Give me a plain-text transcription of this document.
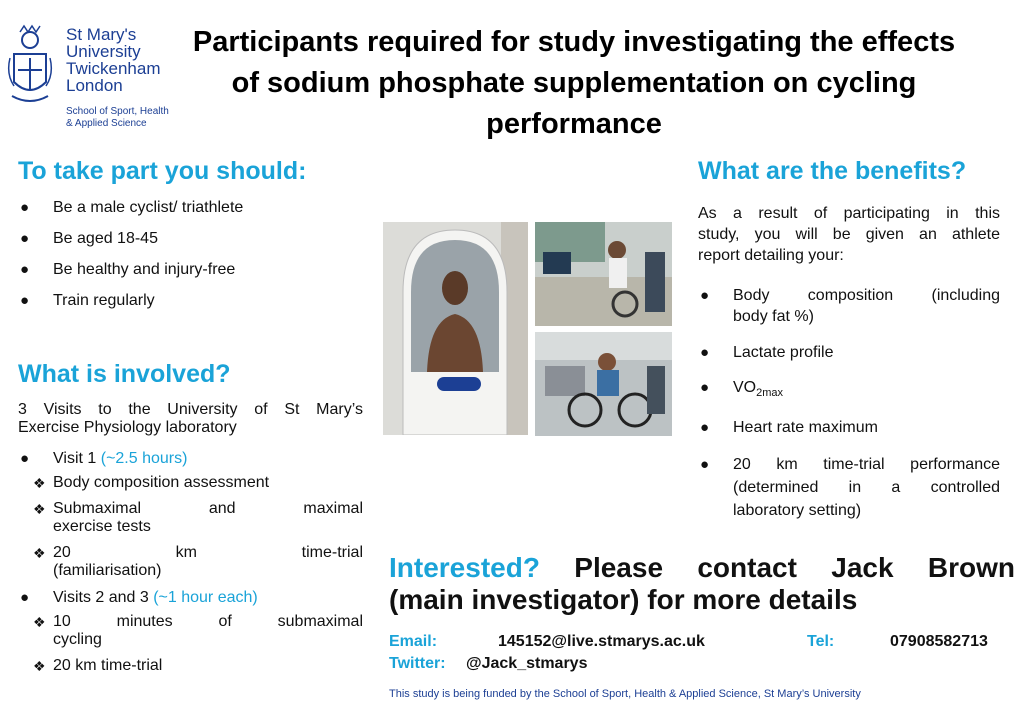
St Mary's
University
Twickenham
London
School of Sport, Health
& Applied Science
Participants required for study investigating the effects
of sodium phosphate supplementation on cycling
performance
To take part you should:
● Be a male cyclist/ triathlete
● Be aged 18-45
● Be healthy and injury-free
● Train regularly
What is involved?
3 Visits to the University of St Mary’s
Exercise Physiology laboratory
● Visit 1 (~2.5 hours)
❖ Body composition assessment
❖ Submaximal and maximal
exercise tests
❖ 20 km time-trial
(familiarisation)
● Visits 2 and 3 (~1 hour each)
❖ 10 minutes of submaximal
cycling
❖ 20 km time-trial
What are the benefits?
As a result of participating in this
study, you will be given an athlete
report detailing your:
● Body composition (including
body fat %)
● Lactate profile
● $VO_{2max}$
● Heart rate maximum
● 20 km time-trial performance
(determined in a controlled
laboratory setting)
Interested? Please contact Jack Brown
(main investigator) for more details
Email:	145152@live.stmarys.ac.uk	Tel:	07908582713
Twitter: @Jack_stmarys
This study is being funded by the School of Sport, Health & Applied Science, St Mary’s University
